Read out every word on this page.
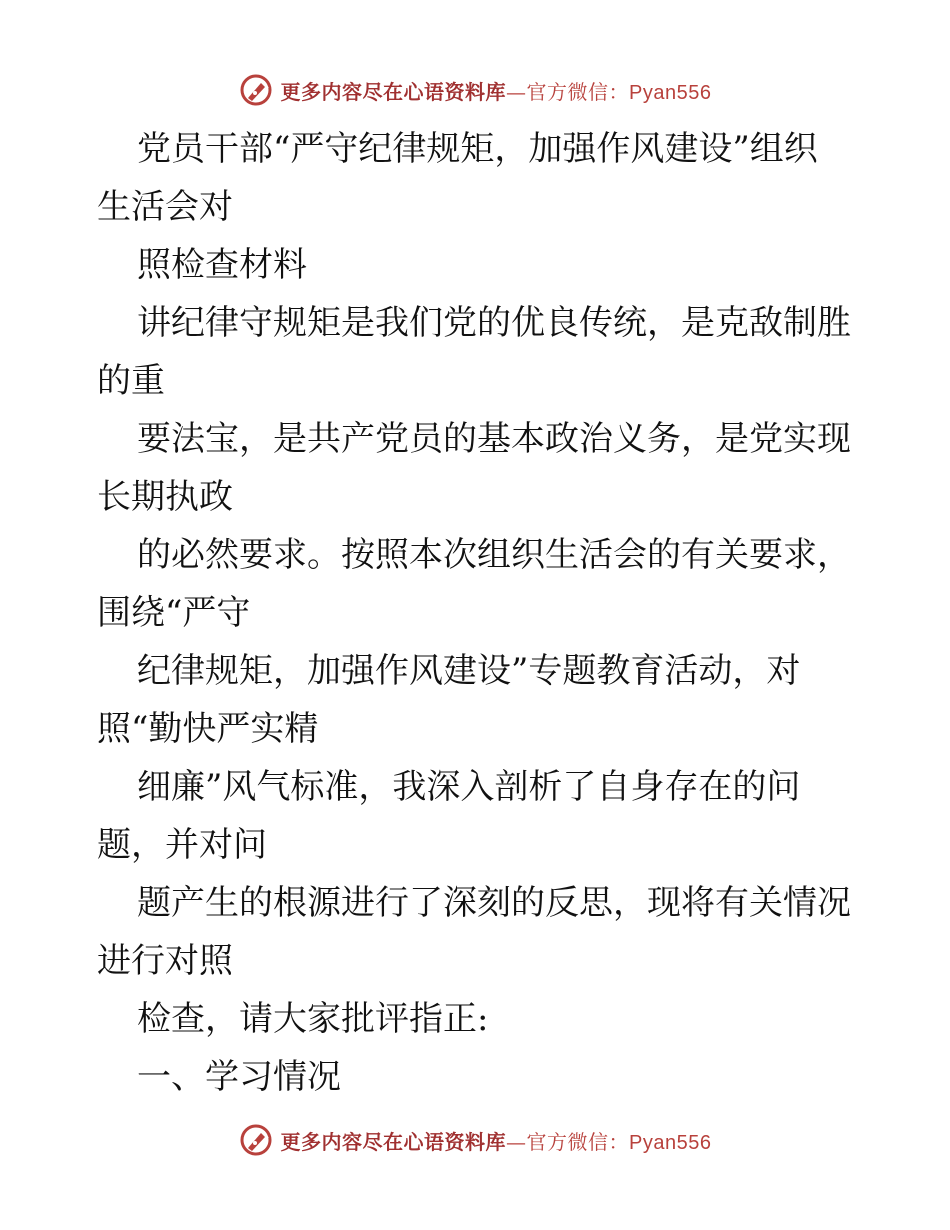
更多内容尽在心语资料库—官方微信：Pyan556
党员干部“严守纪律规矩，加强作风建设”组织
生活会对
照检查材料
讲纪律守规矩是我们党的优良传统，是克敌制胜
的重
要法宝，是共产党员的基本政治义务，是党实现
长期执政
的必然要求。按照本次组织生活会的有关要求，
围绕“严守
纪律规矩，加强作风建设”专题教育活动，对
照“勤快严实精
细廉”风气标准，我深入剖析了自身存在的问
题，并对问
题产生的根源进行了深刻的反思，现将有关情况
进行对照
检查，请大家批评指正:
一、学习情况
更多内容尽在心语资料库—官方微信：Pyan556
